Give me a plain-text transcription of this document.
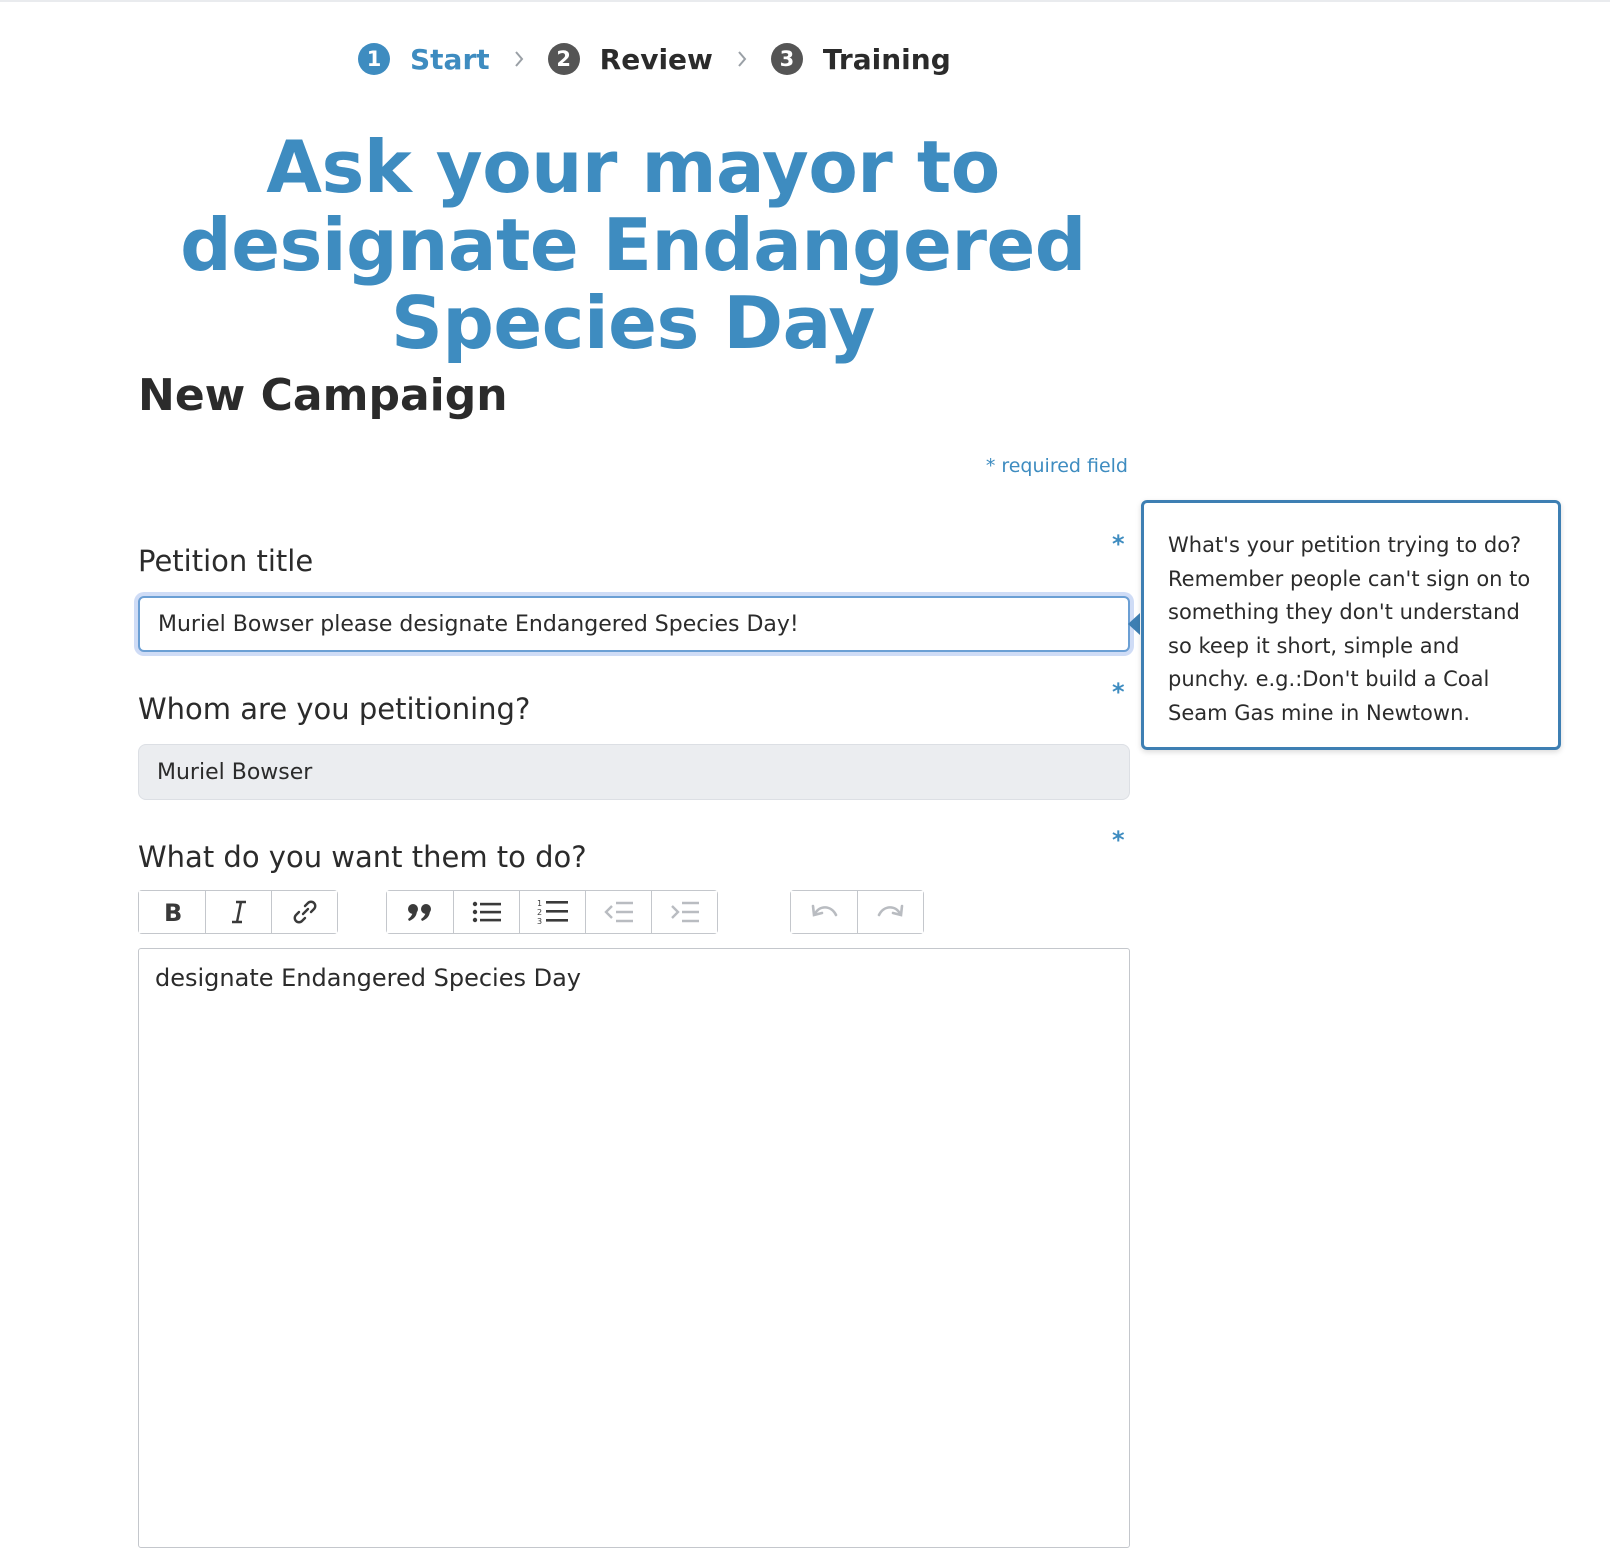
1	Start	2	Review	3	Training
Ask your mayor to designate Endangered Species Day
New Campaign
* required field
*
Petition title
Muriel Bowser please designate Endangered Species Day!	What's your petition trying to do? Remember people can't sign on to something they don't understand so keep it short, simple and punchy. e.g.:Don't build a Coal Seam Gas mine in Newtown.
*
Whom are you petitioning?
Muriel Bowser
*
What do you want them to do?
B	1
2
3
designate Endangered Species Day
